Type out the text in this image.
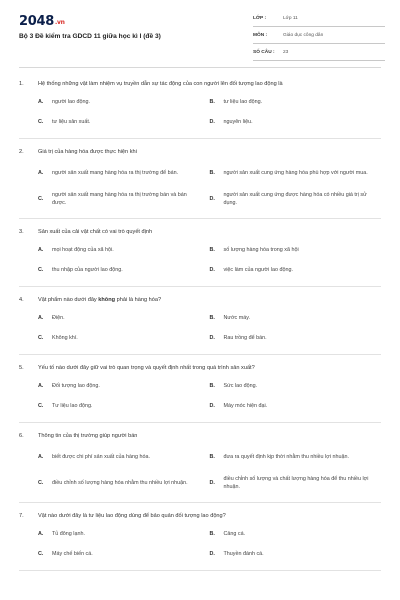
2048.vn
Bộ 3 Đề kiểm tra GDCD 11 giữa học kì I (đề 3)
LỚP :	Lớp 11
MÔN :	Giáo dục công dân
SỐ CÂU :	23
1.	Hệ thống những vật làm nhiệm vụ truyền dẫn sự tác động của con người lên đối tượng lao động là
A.	người lao động.	B.	tư liệu lao động.
C.	tư liệu sản xuất.	D.	nguyên liệu.
2.	Giá trị của hàng hóa được thực hiện khi
A.	người sản xuất mang hàng hóa ra thị trường để bán.	B.	người sản xuất cung ứng hàng hóa phù hợp với người mua.
C.
người sản xuất mang hàng hóa ra thị trường bán và bán được.
D.
người sản xuất cung ứng được hàng hóa có nhiều giá trị sử dụng.
3.	Sản xuất của cải vật chất có vai trò quyết định
A.	mọi hoạt động của xã hội.	B.	số lượng hàng hóa trong xã hội
C.	thu nhập của người lao động.	D.	việc làm của người lao động.
4.	Vật phẩm nào dưới đây không phải là hàng hóa?
A.	Điện.	B.	Nước máy.
C.	Không khí.	D.	Rau trồng để bán.
5.	Yếu tố nào dưới đây giữ vai trò quan trọng và quyết định nhất trong quá trình sản xuất?
A.	Đối tượng lao động.	B.	Sức lao động.
C.	Tư liệu lao động.	D.	Máy móc hiện đại.
6.	Thông tin của thị trường giúp người bán
A.	biết được chi phí sản xuất của hàng hóa.	B.	đưa ra quyết định kịp thời nhằm thu nhiều lợi nhuận.
C.	điều chỉnh số lượng hàng hóa nhằm thu nhiều lợi nhuận.	D.
điều chỉnh số lượng và chất lượng hàng hóa để thu nhiều lợi nhuận.
7.	Vật nào dưới đây là tư liệu lao động dùng để bảo quản đối tượng lao động?
A.	Tủ đông lạnh.	B.	Cảng cá.
C.	Máy chế biến cá.	D.	Thuyền đánh cá.
